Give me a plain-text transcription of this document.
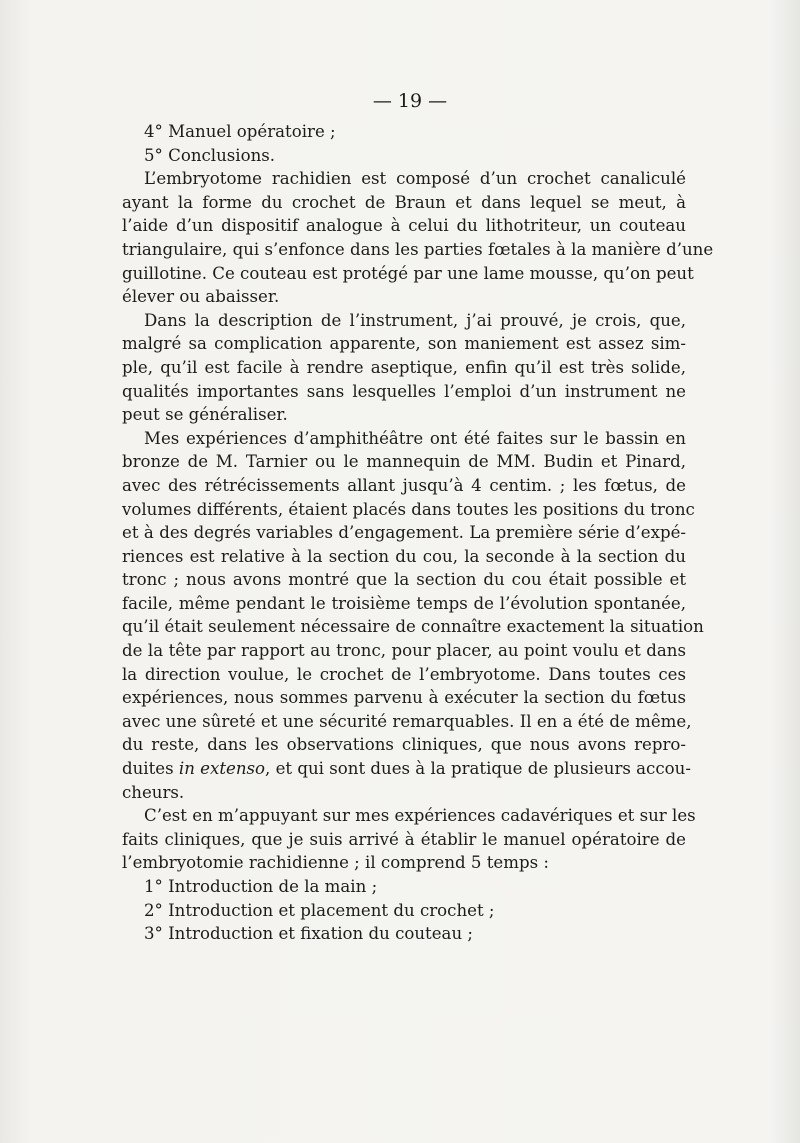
— 19 —
4° Manuel opératoire ;
5° Conclusions.
L’embryotome rachidien est composé d’un crochet canaliculé
ayant la forme du crochet de Braun et dans lequel se meut, à
l’aide d’un dispositif analogue à celui du lithotriteur, un couteau
triangulaire, qui s’enfonce dans les parties fœtales à la manière d’une
guillotine. Ce couteau est protégé par une lame mousse, qu’on peut
élever ou abaisser.
Dans la description de l’instrument, j’ai prouvé, je crois, que,
malgré sa complication apparente, son maniement est assez sim-
ple, qu’il est facile à rendre aseptique, enfin qu’il est très solide,
qualités importantes sans lesquelles l’emploi d’un instrument ne
peut se généraliser.
Mes expériences d’amphithéâtre ont été faites sur le bassin en
bronze de M. Tarnier ou le mannequin de MM. Budin et Pinard,
avec des rétrécissements allant jusqu’à 4 centim. ; les fœtus, de
volumes différents, étaient placés dans toutes les positions du tronc
et à des degrés variables d’engagement. La première série d’expé-
riences est relative à la section du cou, la seconde à la section du
tronc ; nous avons montré que la section du cou était possible et
facile, même pendant le troisième temps de l’évolution spontanée,
qu’il était seulement nécessaire de connaître exactement la situation
de la tête par rapport au tronc, pour placer, au point voulu et dans
la direction voulue, le crochet de l’embryotome. Dans toutes ces
expériences, nous sommes parvenu à exécuter la section du fœtus
avec une sûreté et une sécurité remarquables. Il en a été de même,
du reste, dans les observations cliniques, que nous avons repro-
duites in extenso, et qui sont dues à la pratique de plusieurs accou-
cheurs.
C’est en m’appuyant sur mes expériences cadavériques et sur les
faits cliniques, que je suis arrivé à établir le manuel opératoire de
l’embryotomie rachidienne ; il comprend 5 temps :
1° Introduction de la main ;
2° Introduction et placement du crochet ;
3° Introduction et fixation du couteau ;
